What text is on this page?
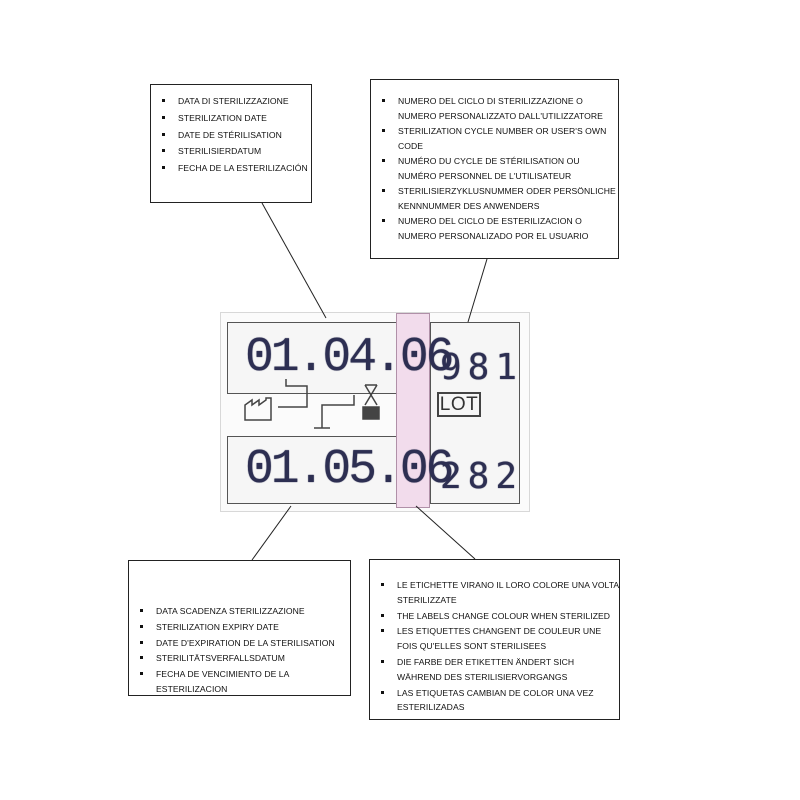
DATA DI STERILIZZAZIONE
STERILIZATION DATE
DATE DE STÉRILISATION
STERILISIERDATUM
FECHA DE LA ESTERILIZACIÓN
NUMERO DEL CICLO DI STERILIZZAZIONE O NUMERO PERSONALIZZATO DALL'UTILIZZATORE
STERILIZATION CYCLE NUMBER OR USER'S OWN CODE
NUMÉRO DU CYCLE DE STÉRILISATION OU NUMÉRO PERSONNEL DE L'UTILISATEUR
STERILISIERZYKLUSNUMMER ODER PERSÖNLICHE KENNNUMMER DES ANWENDERS
NUMERO DEL CICLO DE ESTERILIZACION O NUMERO PERSONALIZADO POR EL USUARIO
DATA SCADENZA STERILIZZAZIONE
STERILIZATION EXPIRY DATE
DATE D'EXPIRATION DE LA STERILISATION
STERILITÄTSVERFALLSDATUM
FECHA DE VENCIMIENTO DE LA ESTERILIZACION
LE ETICHETTE VIRANO IL LORO COLORE UNA VOLTA STERILIZZATE
THE LABELS CHANGE COLOUR WHEN STERILIZED
LES ETIQUETTES CHANGENT DE COULEUR UNE FOIS QU'ELLES SONT STERILISEES
DIE FARBE DER ETIKETTEN ÄNDERT SICH WÄHREND DES STERILISIERVORGANGS
LAS ETIQUETAS CAMBIAN DE COLOR UNA VEZ ESTERILIZADAS
01.04.06
01.05.06
981
282
LOT
